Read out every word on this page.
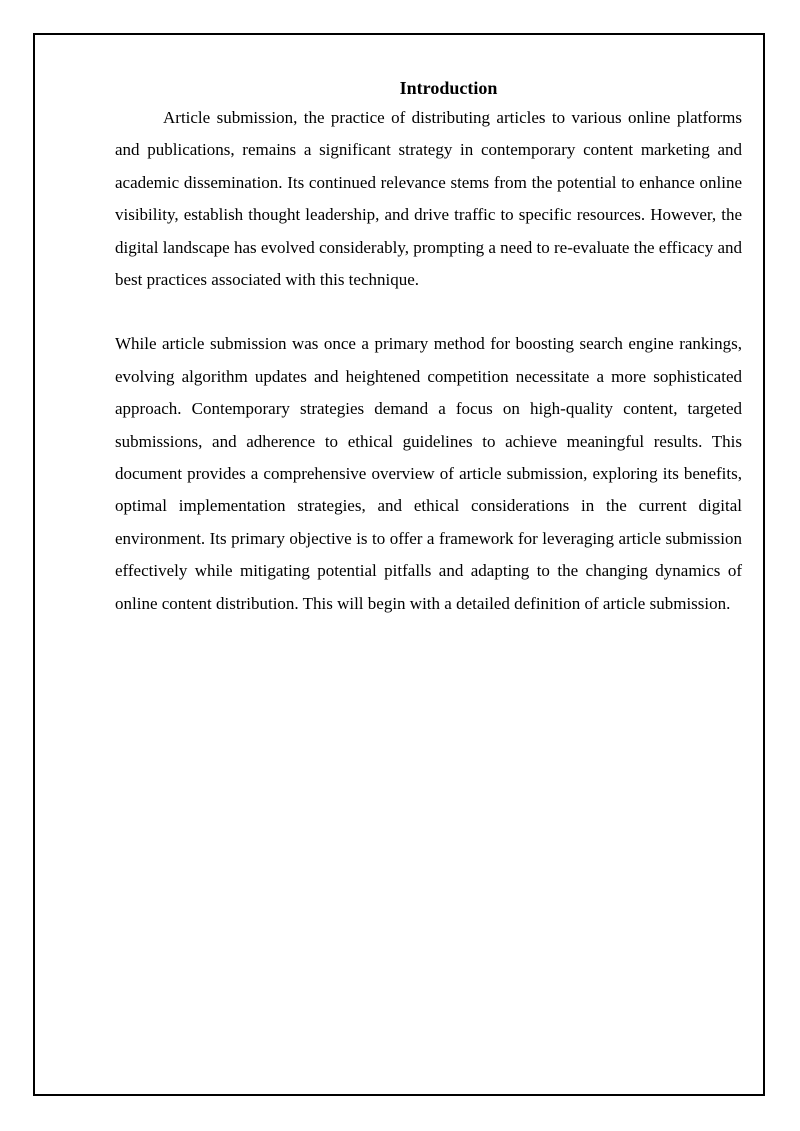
Introduction

Article submission, the practice of distributing articles to various online platforms and publications, remains a significant strategy in contemporary content marketing and academic dissemination. Its continued relevance stems from the potential to enhance online visibility, establish thought leadership, and drive traffic to specific resources. However, the digital landscape has evolved considerably, prompting a need to re-evaluate the efficacy and best practices associated with this technique.

While article submission was once a primary method for boosting search engine rankings, evolving algorithm updates and heightened competition necessitate a more sophisticated approach. Contemporary strategies demand a focus on high-quality content, targeted submissions, and adherence to ethical guidelines to achieve meaningful results. This document provides a comprehensive overview of article submission, exploring its benefits, optimal implementation strategies, and ethical considerations in the current digital environment. Its primary objective is to offer a framework for leveraging article submission effectively while mitigating potential pitfalls and adapting to the changing dynamics of online content distribution. This will begin with a detailed definition of article submission.
